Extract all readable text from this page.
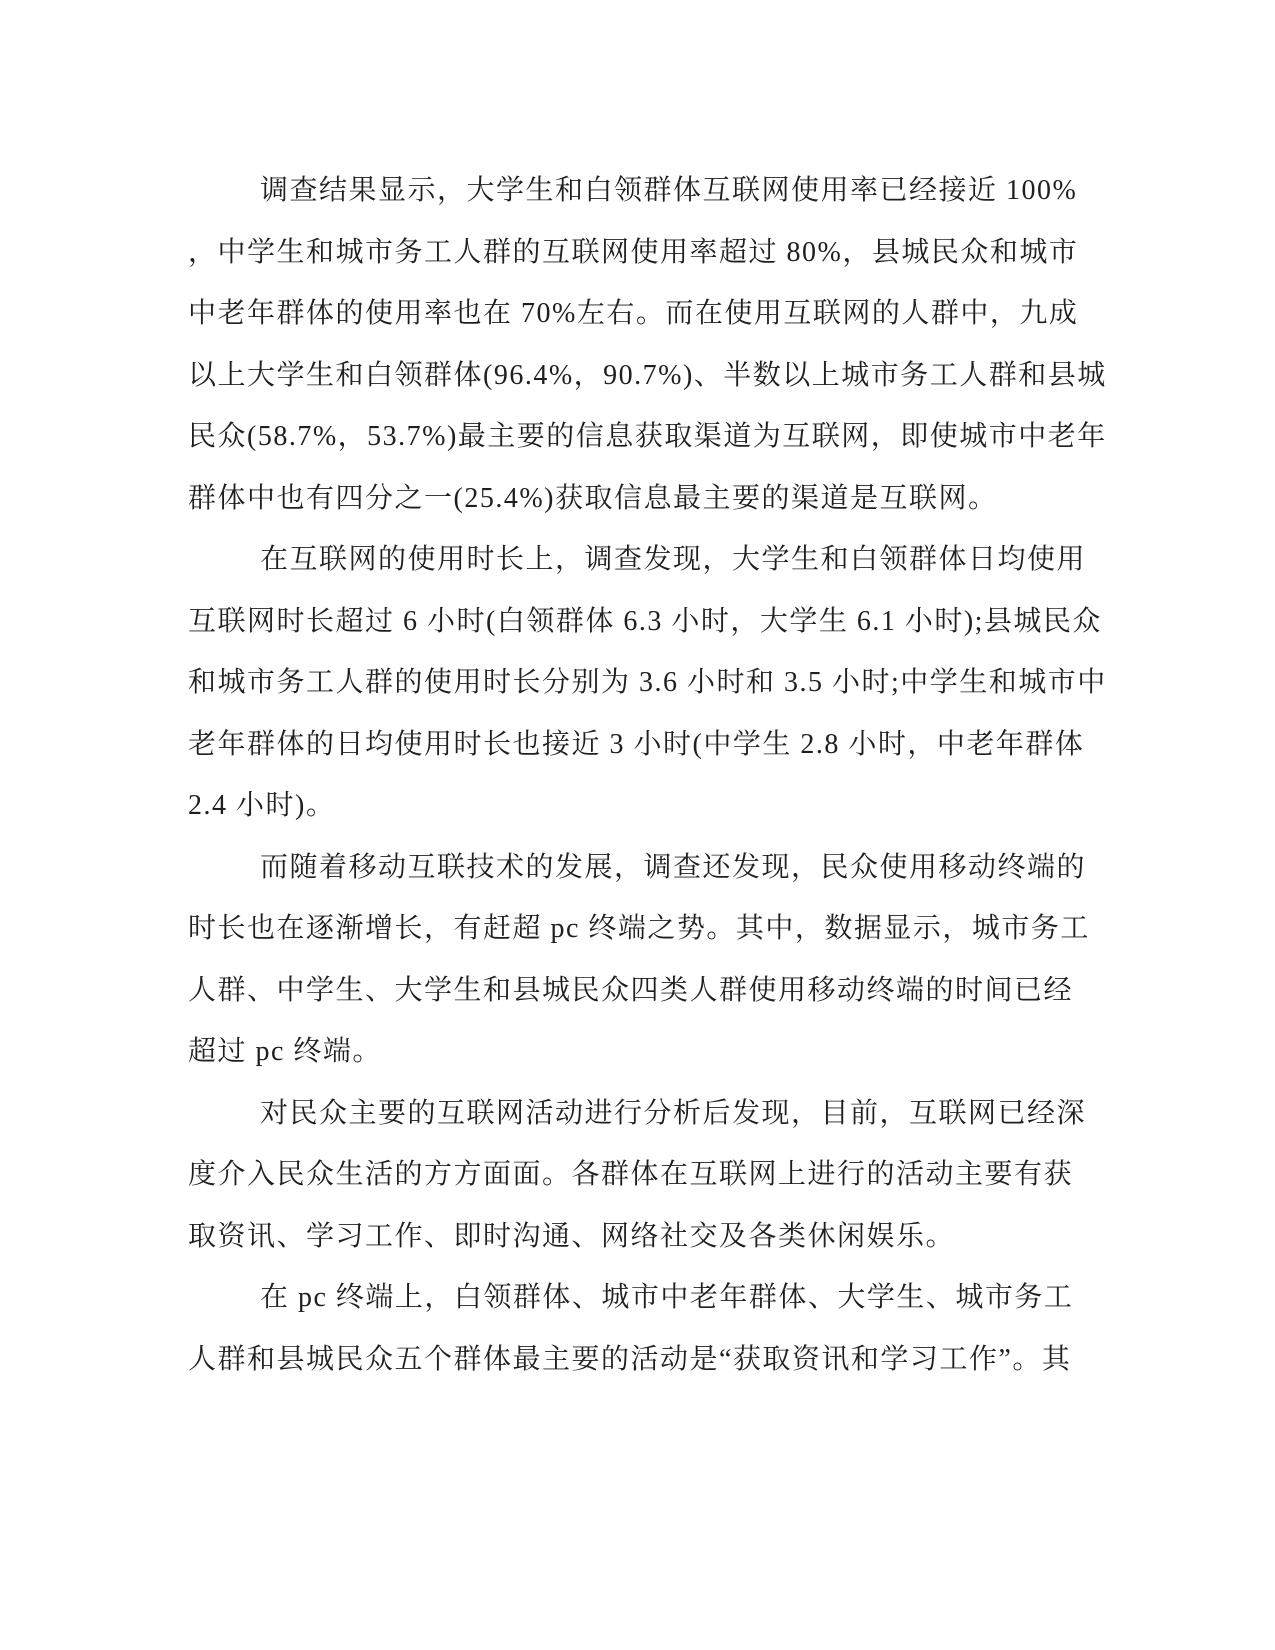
调查结果显示，大学生和白领群体互联网使用率已经接近 100%
，中学生和城市务工人群的互联网使用率超过 80%，县城民众和城市
中老年群体的使用率也在 70%左右。而在使用互联网的人群中，九成
以上大学生和白领群体(96.4%，90.7%)、半数以上城市务工人群和县城
民众(58.7%，53.7%)最主要的信息获取渠道为互联网，即使城市中老年
群体中也有四分之一(25.4%)获取信息最主要的渠道是互联网。
在互联网的使用时长上，调查发现，大学生和白领群体日均使用
互联网时长超过 6 小时(白领群体 6.3 小时，大学生 6.1 小时);县城民众
和城市务工人群的使用时长分别为 3.6 小时和 3.5 小时;中学生和城市中
老年群体的日均使用时长也接近 3 小时(中学生 2.8 小时，中老年群体
2.4 小时)。
而随着移动互联技术的发展，调查还发现，民众使用移动终端的
时长也在逐渐增长，有赶超 pc 终端之势。其中，数据显示，城市务工
人群、中学生、大学生和县城民众四类人群使用移动终端的时间已经
超过 pc 终端。
对民众主要的互联网活动进行分析后发现，目前，互联网已经深
度介入民众生活的方方面面。各群体在互联网上进行的活动主要有获
取资讯、学习工作、即时沟通、网络社交及各类休闲娱乐。
在 pc 终端上，白领群体、城市中老年群体、大学生、城市务工
人群和县城民众五个群体最主要的活动是“获取资讯和学习工作”。其
